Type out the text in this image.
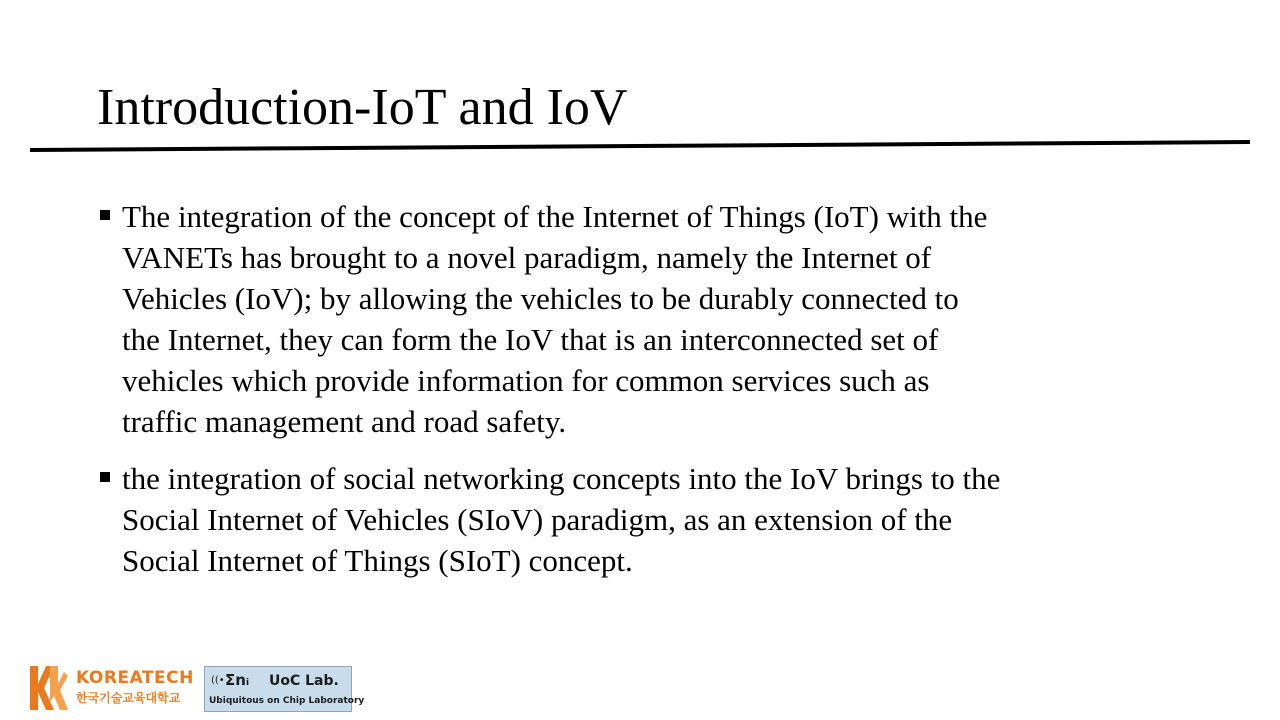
Introduction-IoT and IoV
The integration of the concept of the Internet of Things (IoT) with the
VANETs has brought to a novel paradigm, namely the Internet of
Vehicles (IoV); by allowing the vehicles to be durably connected to
the Internet, they can form the IoV that is an interconnected set of
vehicles which provide information for common services such as
traffic management and road safety.
the integration of social networking concepts into the IoV brings to the
Social Internet of Vehicles (SIoV) paradigm, as an extension of the
Social Internet of Things (SIoT) concept.
KOREATECH
한국기술교육대학교
((• Σnᵢ UoC Lab.
Ubiquitous on Chip Laboratory
